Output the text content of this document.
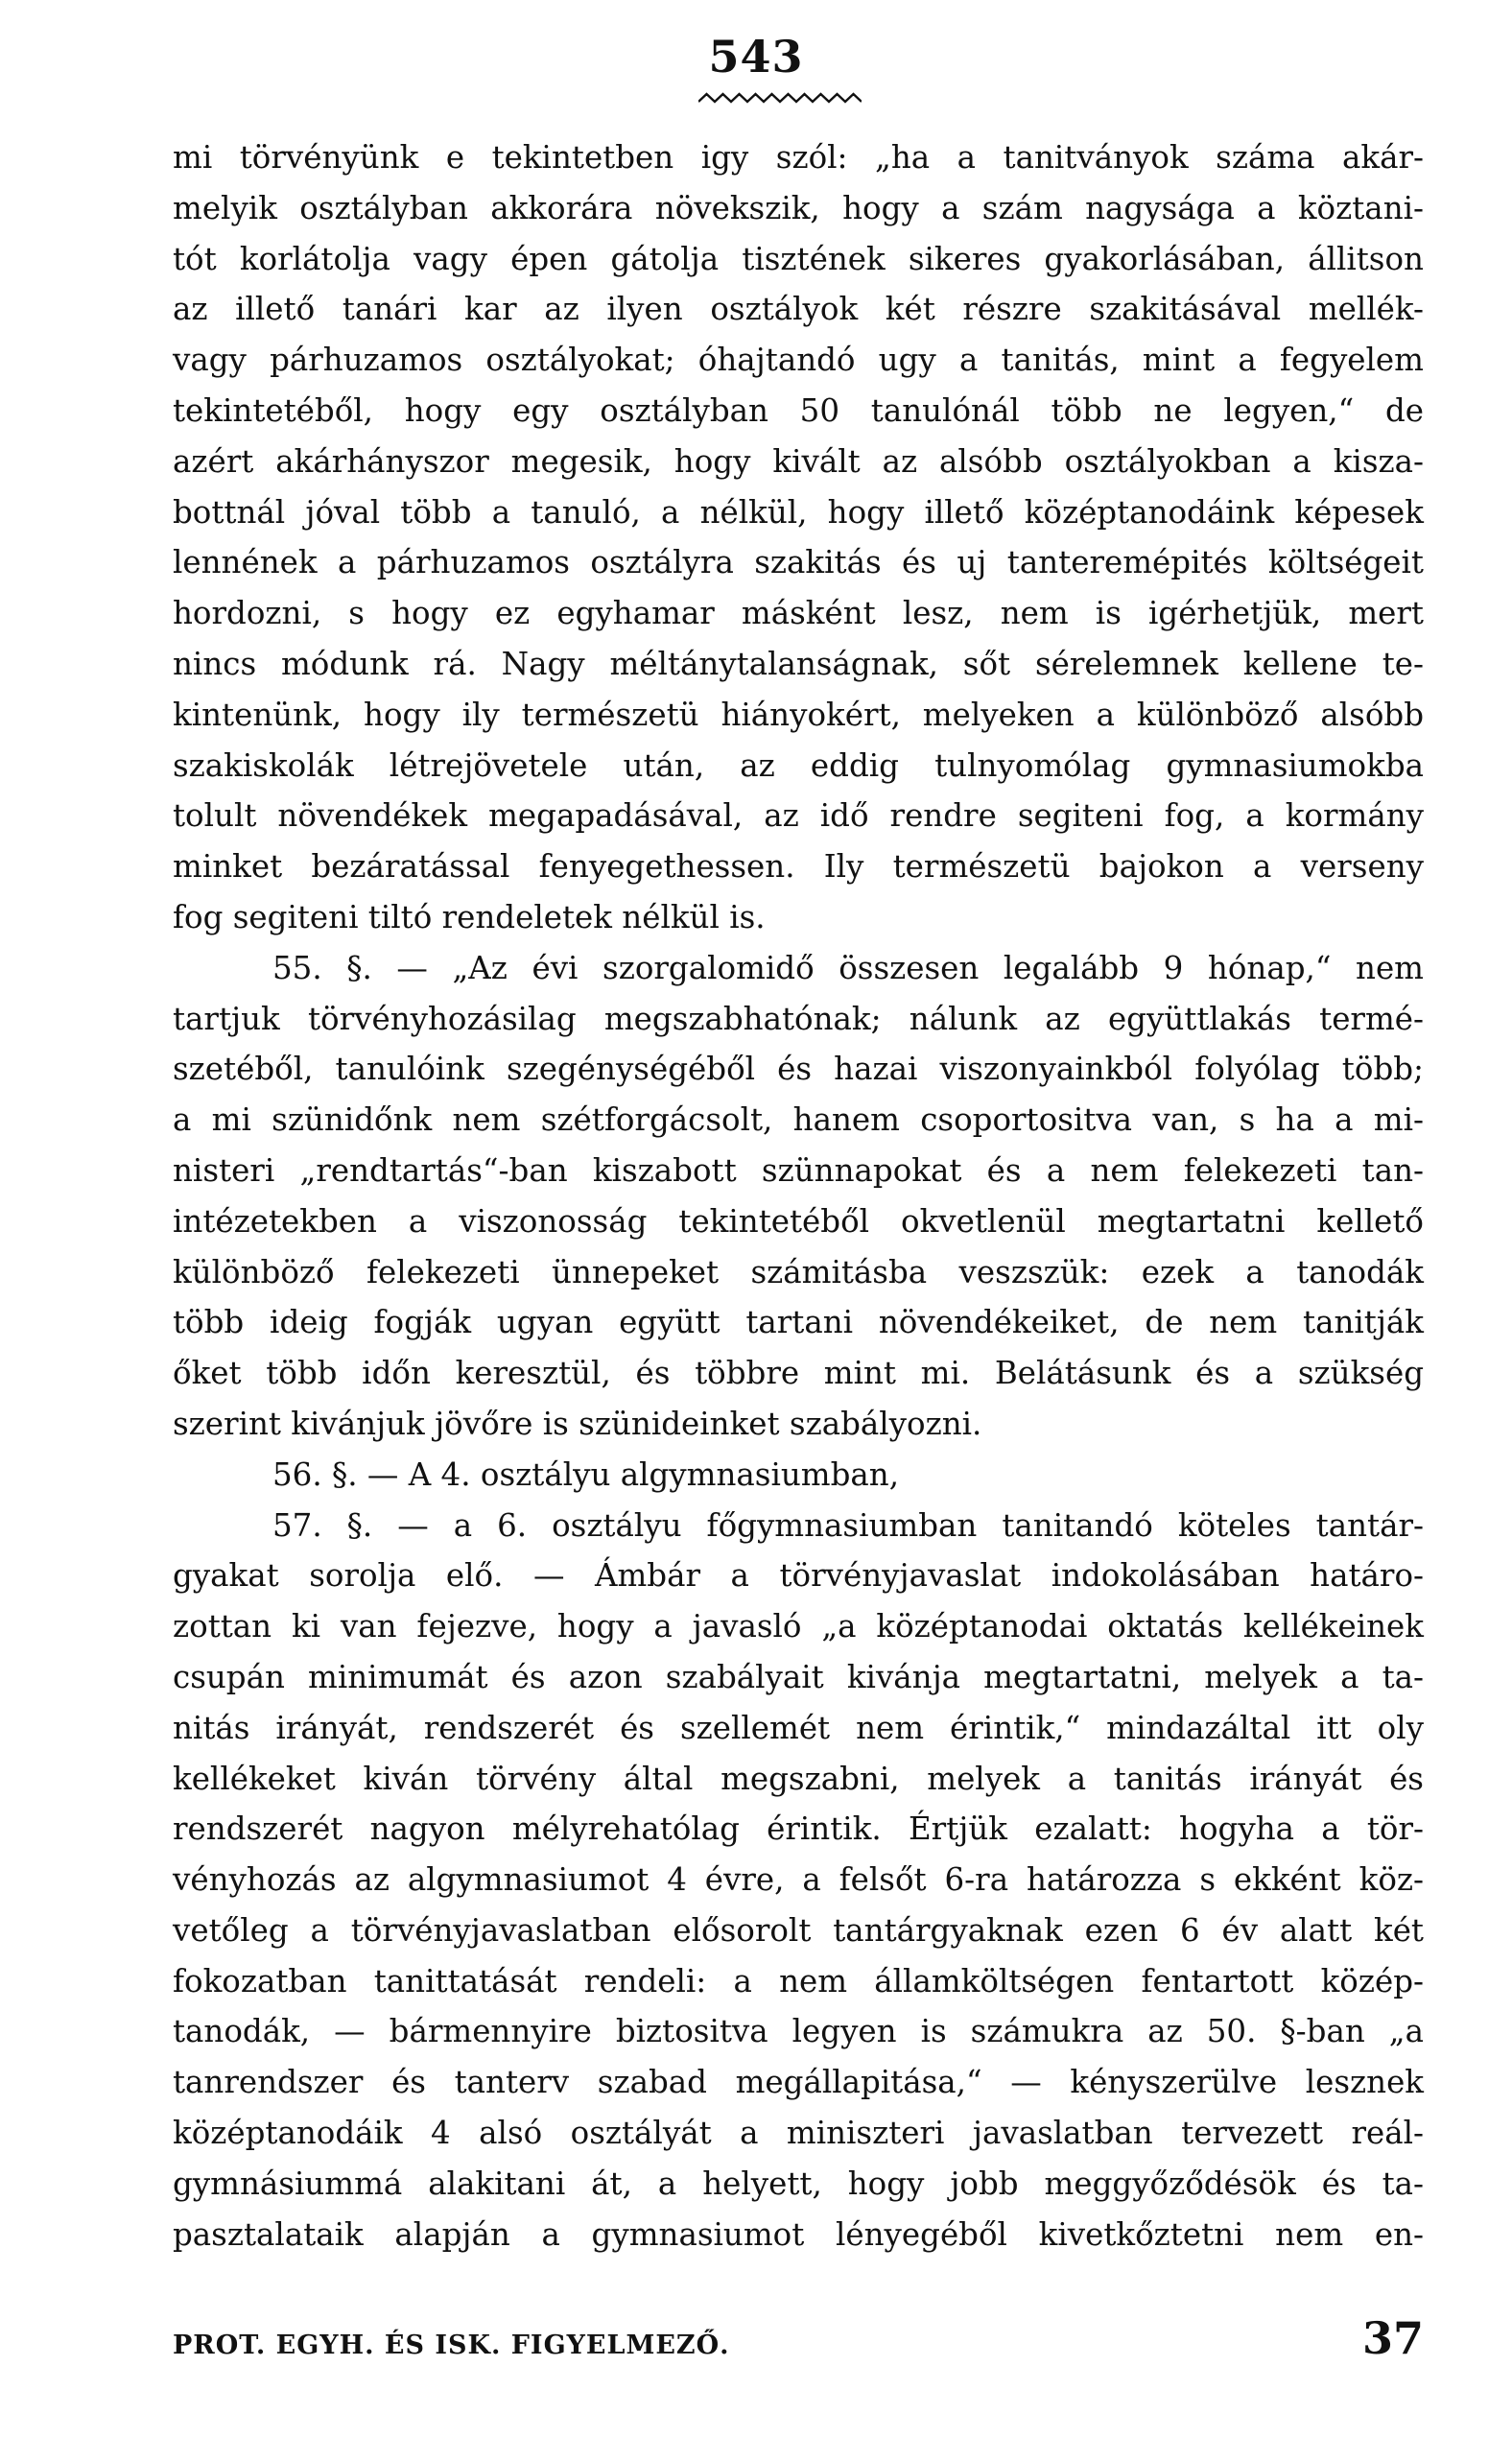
543
mi törvényünk e tekintetben igy szól: „ha a tanitványok száma akár-
melyik osztályban akkorára növekszik, hogy a szám nagysága a köztani-
tót korlátolja vagy épen gátolja tisztének sikeres gyakorlásában, állitson
az illető tanári kar az ilyen osztályok két részre szakitásával mellék-
vagy párhuzamos osztályokat; óhajtandó ugy a tanitás, mint a fegyelem
tekintetéből, hogy egy osztályban 50 tanulónál több ne legyen,“ de
azért akárhányszor megesik, hogy kivált az alsóbb osztályokban a kisza-
bottnál jóval több a tanuló, a nélkül, hogy illető középtanodáink képesek
lennének a párhuzamos osztályra szakitás és uj tanteremépités költségeit
hordozni, s hogy ez egyhamar másként lesz, nem is igérhetjük, mert
nincs módunk rá. Nagy méltánytalanságnak, sőt sérelemnek kellene te-
kintenünk, hogy ily természetü hiányokért, melyeken a különböző alsóbb
szakiskolák létrejövetele után, az eddig tulnyomólag gymnasiumokba
tolult növendékek megapadásával, az idő rendre segiteni fog, a kormány
minket bezáratással fenyegethessen. Ily természetü bajokon a verseny
fog segiteni tiltó rendeletek nélkül is.
55. §. — „Az évi szorgalomidő összesen legalább 9 hónap,“ nem
tartjuk törvényhozásilag megszabhatónak; nálunk az együttlakás termé-
szetéből, tanulóink szegénységéből és hazai viszonyainkból folyólag több;
a mi szünidőnk nem szétforgácsolt, hanem csoportositva van, s ha a mi-
nisteri „rendtartás“-ban kiszabott szünnapokat és a nem felekezeti tan-
intézetekben a viszonosság tekintetéből okvetlenül megtartatni kellető
különböző felekezeti ünnepeket számitásba veszszük: ezek a tanodák
több ideig fogják ugyan együtt tartani növendékeiket, de nem tanitják
őket több időn keresztül, és többre mint mi. Belátásunk és a szükség
szerint kivánjuk jövőre is szünideinket szabályozni.
56. §. — A 4. osztályu algymnasiumban,
57. §. — a 6. osztályu főgymnasiumban tanitandó köteles tantár-
gyakat sorolja elő. — Ámbár a törvényjavaslat indokolásában határo-
zottan ki van fejezve, hogy a javasló „a középtanodai oktatás kellékeinek
csupán minimumát és azon szabályait kivánja megtartatni, melyek a ta-
nitás irányát, rendszerét és szellemét nem érintik,“ mindazáltal itt oly
kellékeket kiván törvény által megszabni, melyek a tanitás irányát és
rendszerét nagyon mélyrehatólag érintik. Értjük ezalatt: hogyha a tör-
vényhozás az algymnasiumot 4 évre, a felsőt 6-ra határozza s ekként köz-
vetőleg a törvényjavaslatban elősorolt tantárgyaknak ezen 6 év alatt két
fokozatban tanittatását rendeli: a nem államköltségen fentartott közép-
tanodák, — bármennyire biztositva legyen is számukra az 50. §-ban „a
tanrendszer és tanterv szabad megállapitása,“ — kényszerülve lesznek
középtanodáik 4 alsó osztályát a miniszteri javaslatban tervezett reál-
gymnásiummá alakitani át, a helyett, hogy jobb meggyőződésök és ta-
pasztalataik alapján a gymnasiumot lényegéből kivetkőztetni nem en-
PROT. EGYH. ÉS ISK. FIGYELMEZŐ.	37
